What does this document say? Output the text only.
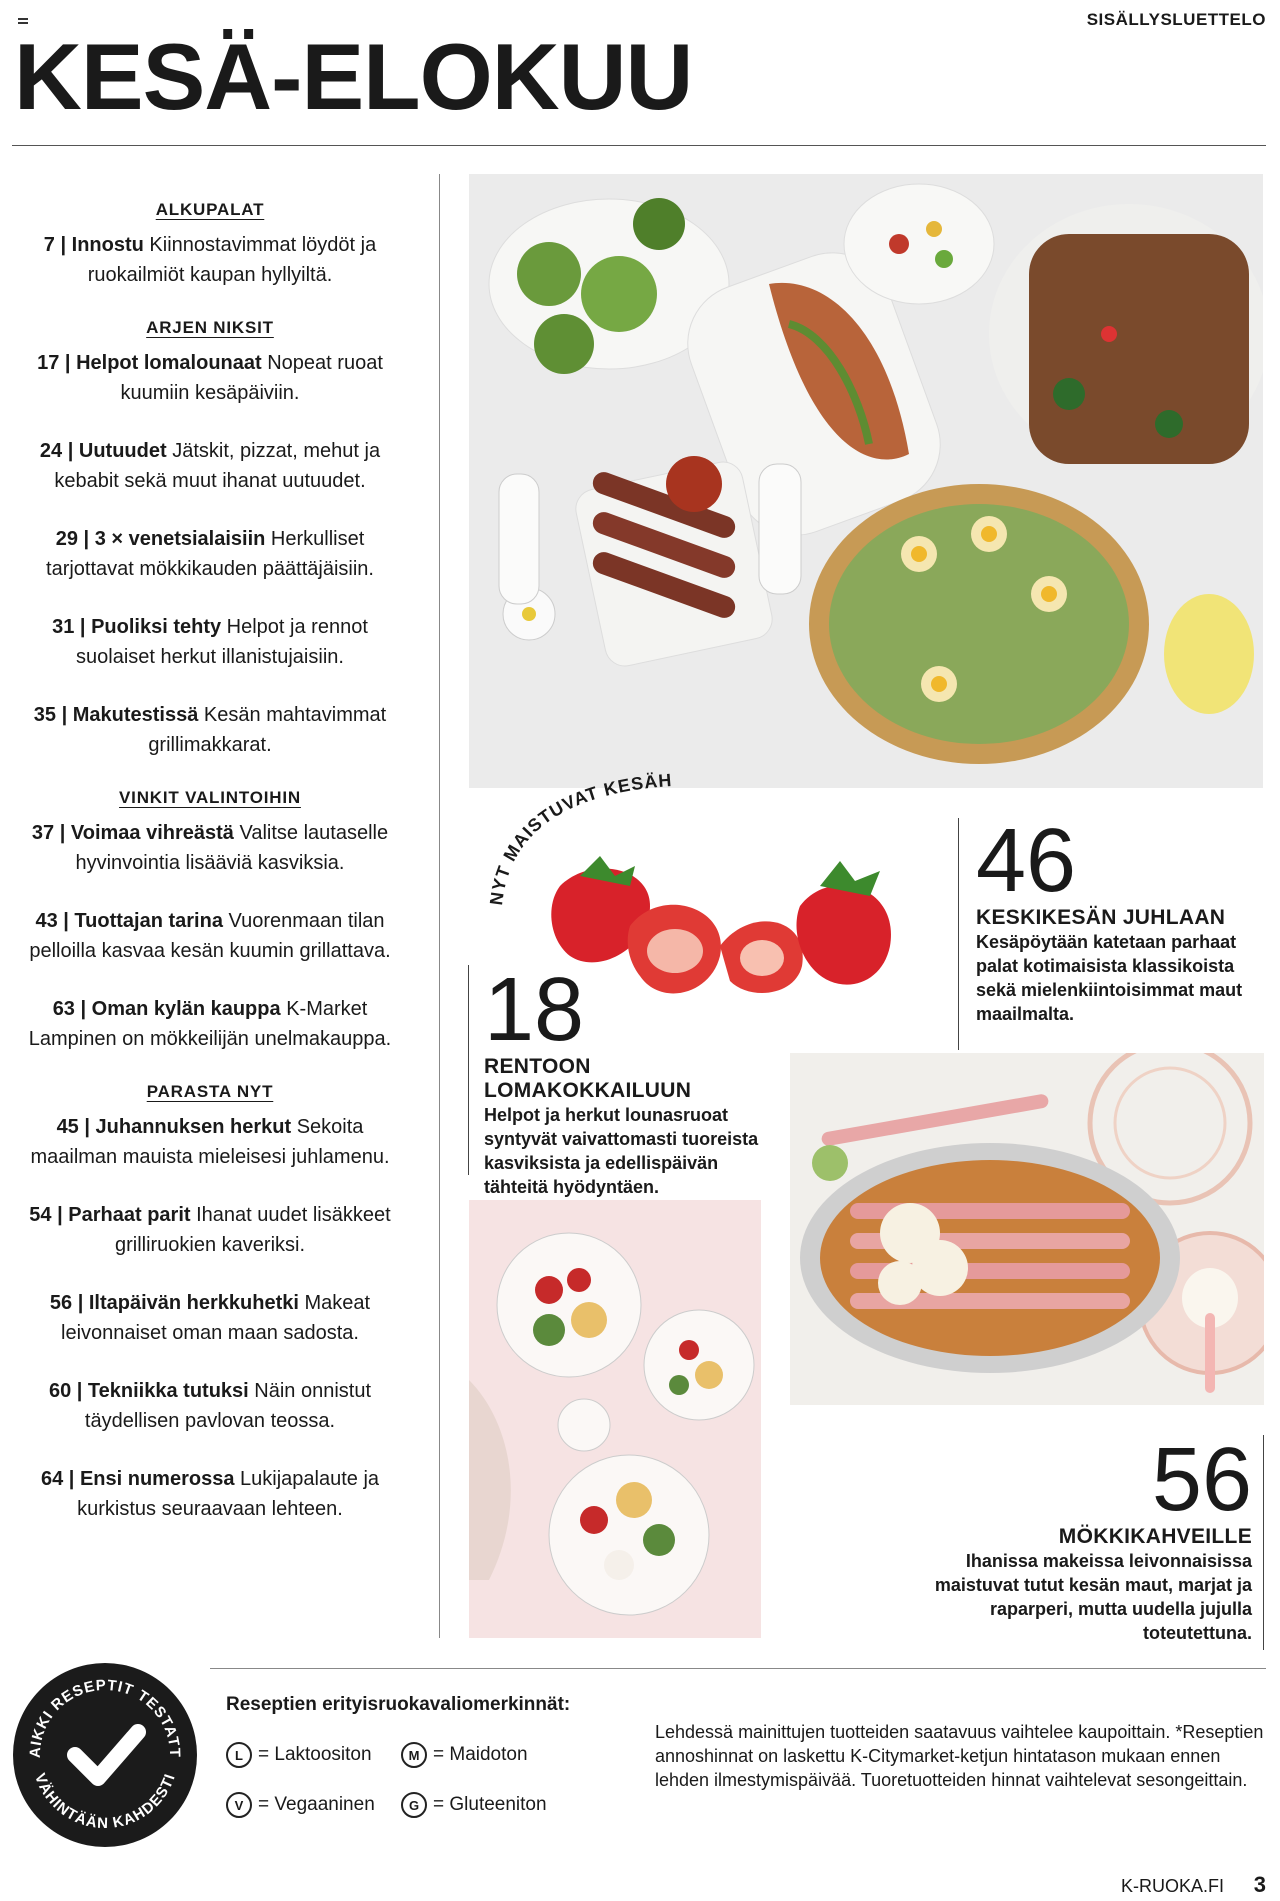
SISÄLLYSLUETTELO
KESÄ-ELOKUU
ALKUPALAT
7 | Innostu Kiinnostavimmat löydöt ja ruokailmiöt kaupan hyllyiltä.
ARJEN NIKSIT
17 | Helpot lomalounaat Nopeat ruoat kuumiin kesäpäiviin.
24 | Uutuudet Jätskit, pizzat, mehut ja kebabit sekä muut ihanat uutuudet.
29 | 3 × venetsialaisiin Herkulliset tarjottavat mökkikauden päättäjäisiin.
31 | Puoliksi tehty Helpot ja rennot suolaiset herkut illanistujaisiin.
35 | Makutestissä Kesän mahtavimmat grillimakkarat.
VINKIT VALINTOIHIN
37 | Voimaa vihreästä Valitse lautaselle hyvinvointia lisääviä kasviksia.
43 | Tuottajan tarina Vuorenmaan tilan pelloilla kasvaa kesän kuumin grillattava.
63 | Oman kylän kauppa K-Market Lampinen on mökkeilijän unelmakauppa.
PARASTA NYT
45 | Juhannuksen herkut Sekoita maailman mauista mieleisesi juhlamenu.
54 | Parhaat parit Ihanat uudet lisäkkeet grilliruokien kaveriksi.
56 | Iltapäivän herkkuhetki Makeat leivonnaiset oman maan sadosta.
60 | Tekniikka tutuksi Näin onnistut täydellisen pavlovan teossa.
64 | Ensi numerossa Lukijapalaute ja kurkistus seuraavaan lehteen.
NYT MAISTUVAT KESÄH
46
KESKIKESÄN JUHLAAN
Kesäpöytään katetaan parhaat palat kotimaisista klassikoista sekä mielenkiintoisimmat maut maailmalta.
18
RENTOON LOMAKOKKAILUUN
Helpot ja herkut lounasruoat syntyvät vaivattomasti tuoreista kasviksista ja edellispäivän tähteitä hyödyntäen.
56
MÖKKIKAHVEILLE
Ihanissa makeissa leivonnaisissa maistuvat tutut kesän maut, marjat ja raparperi, mutta uudella jujulla toteutettuna.
AIKKI RESEPTIT TESTATT
VÄHINTÄÄN KAHDESTI
Reseptien erityisruokavaliomerkinnät:
L = Laktoositon	M = Maidoton
V = Vegaaninen	G = Gluteeniton
Lehdessä mainittujen tuotteiden saatavuus vaihtelee kaupoittain. *Reseptien annoshinnat on laskettu K-Citymarket-ketjun hintatason mukaan ennen lehden ilmestymispäivää. Tuoretuotteiden hinnat vaihtelevat sesongeittain.
K-RUOKA.FI 3
